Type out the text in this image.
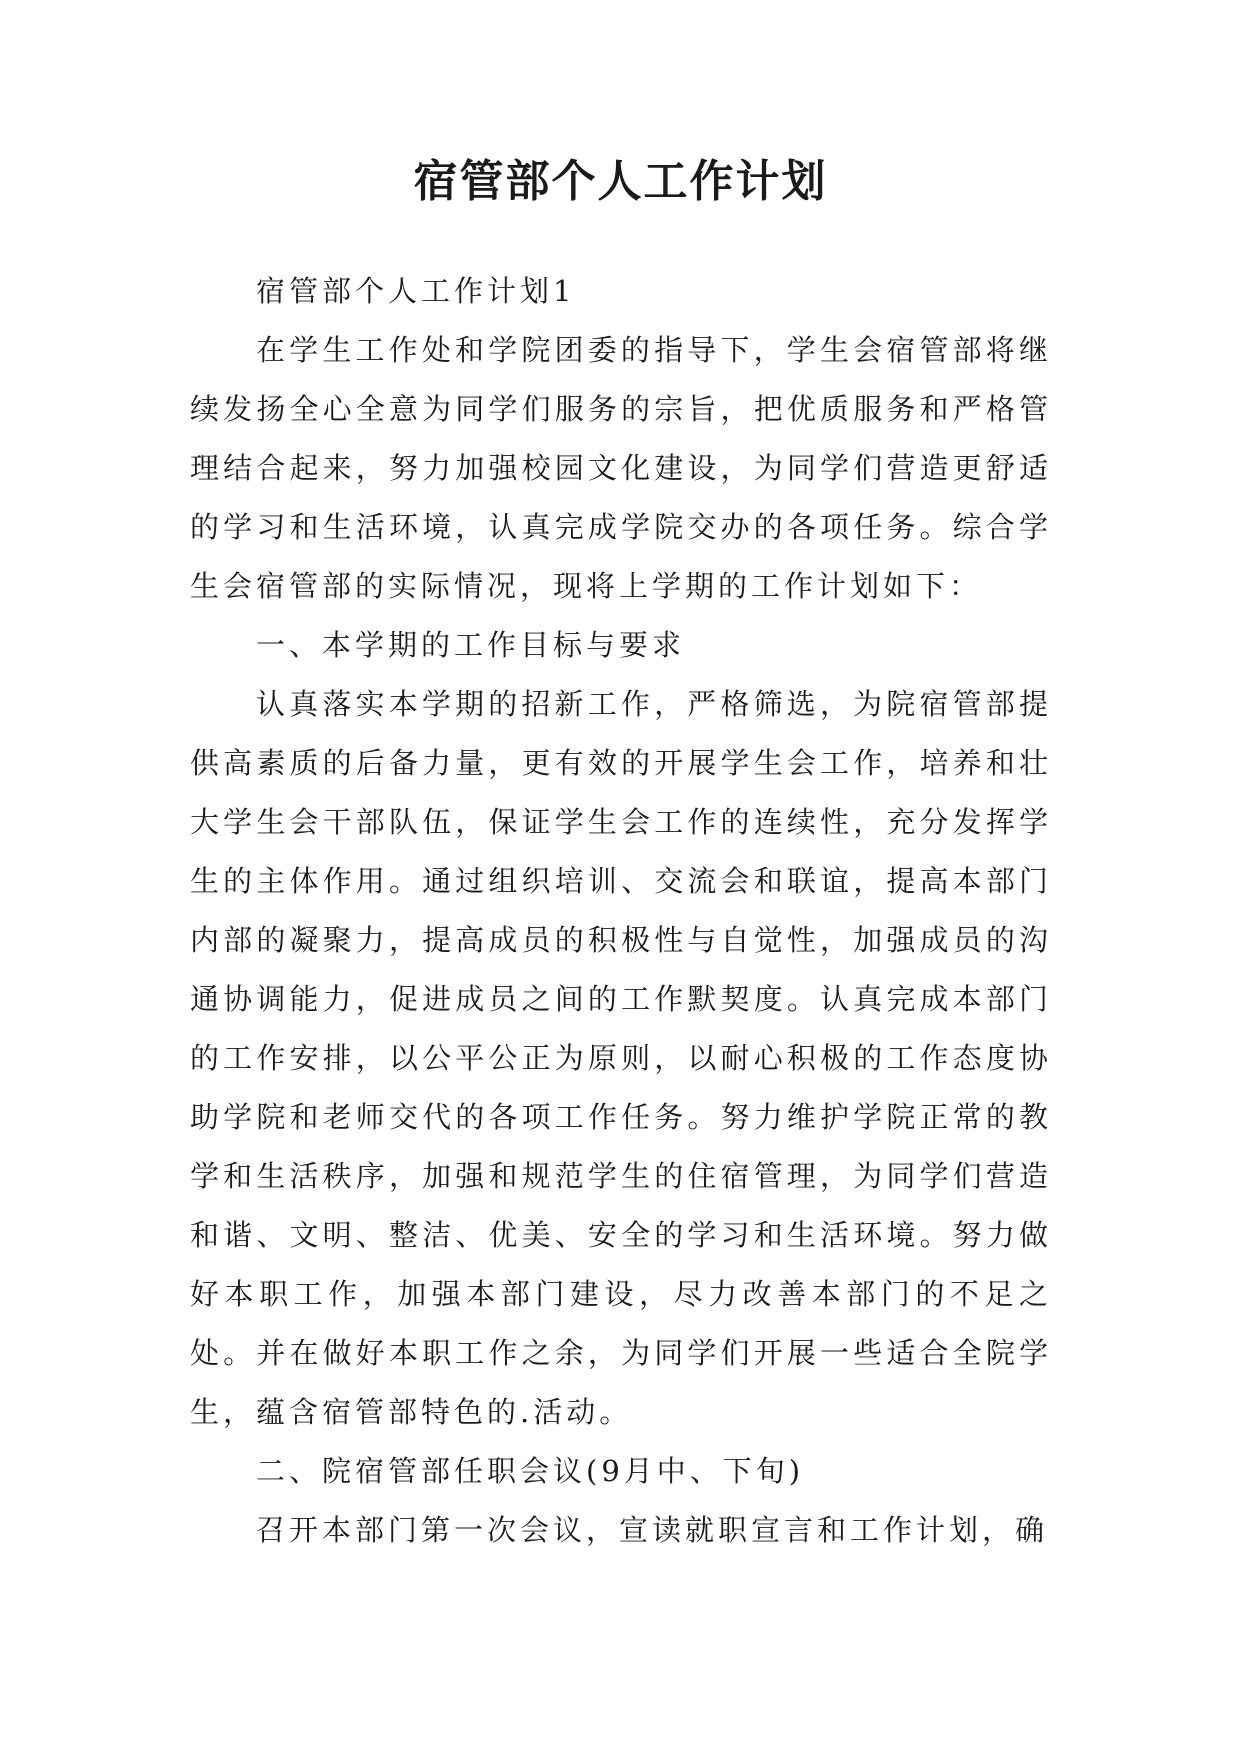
宿管部个人工作计划

宿管部个人工作计划1

在学生工作处和学院团委的指导下，学生会宿管部将继续发扬全心全意为同学们服务的宗旨，把优质服务和严格管理结合起来，努力加强校园文化建设，为同学们营造更舒适的学习和生活环境，认真完成学院交办的各项任务。综合学生会宿管部的实际情况，现将上学期的工作计划如下：

一、本学期的工作目标与要求

认真落实本学期的招新工作，严格筛选，为院宿管部提供高素质的后备力量，更有效的开展学生会工作，培养和壮大学生会干部队伍，保证学生会工作的连续性，充分发挥学生的主体作用。通过组织培训、交流会和联谊，提高本部门内部的凝聚力，提高成员的积极性与自觉性，加强成员的沟通协调能力，促进成员之间的工作默契度。认真完成本部门的工作安排，以公平公正为原则，以耐心积极的工作态度协助学院和老师交代的各项工作任务。努力维护学院正常的教学和生活秩序，加强和规范学生的住宿管理，为同学们营造和谐、文明、整洁、优美、安全的学习和生活环境。努力做好本职工作，加强本部门建设，尽力改善本部门的不足之处。并在做好本职工作之余，为同学们开展一些适合全院学生，蕴含宿管部特色的.活动。

二、院宿管部任职会议(9月中、下旬)

召开本部门第一次会议，宣读就职宣言和工作计划，确
